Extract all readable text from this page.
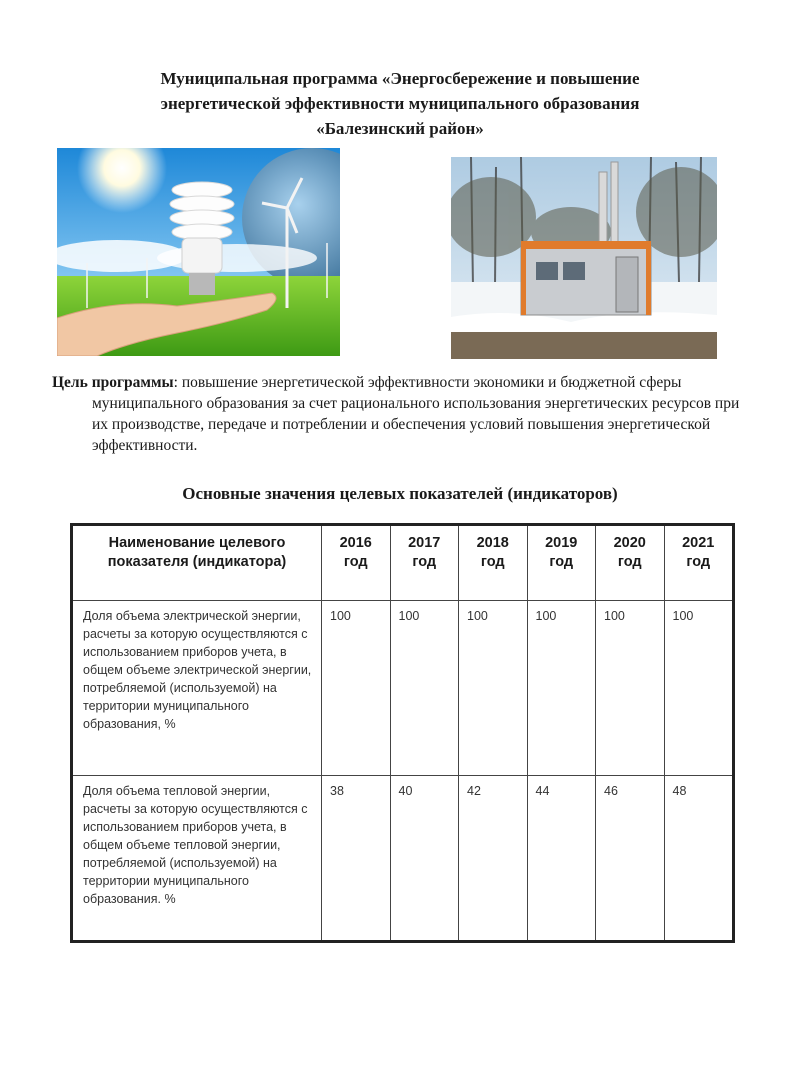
Муниципальная программа «Энергосбережение и повышение
энергетической эффективности муниципального образования
«Балезинский район»
Цель программы: повышение энергетической эффективности экономики и бюджетной сферы муниципального образования за счет рационального использования энергетических ресурсов при их производстве, передаче и потреблении и обеспечения условий повышения энергетической эффективности.
Основные значения целевых показателей (индикаторов)
Наименование целевого показателя (индикатора)	2016 год	2017 год	2018 год	2019 год	2020 год	2021 год
Доля объема электрической энергии, расчеты за которую осуществляются с использованием приборов учета, в общем объеме электрической энергии, потребляемой (используемой) на территории муниципального образования, %	100	100	100	100	100	100
Доля объема тепловой энергии, расчеты за которую осуществляются с использованием приборов учета, в общем объеме тепловой энергии, потребляемой (используемой) на территории муниципального образования. %	38	40	42	44	46	48
